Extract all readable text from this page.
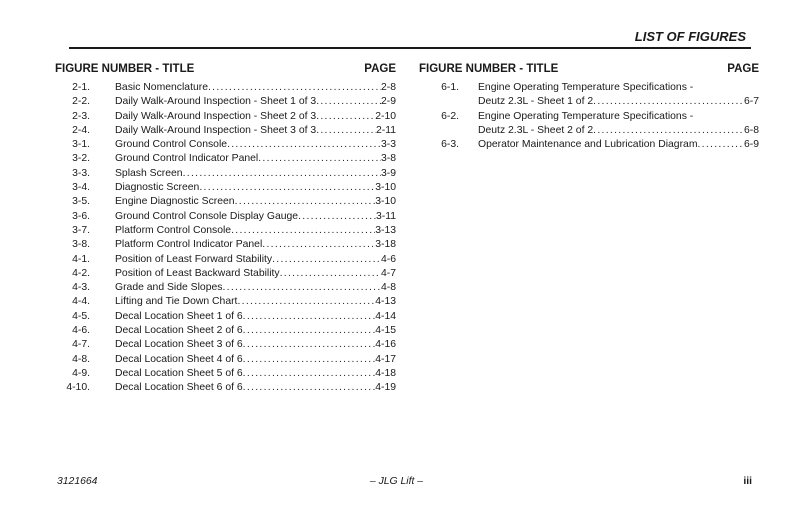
LIST OF FIGURES
FIGURE NUMBER - TITLE	PAGE
2-1. Basic Nomenclature .....	2-8
2-2. Daily Walk-Around Inspection - Sheet 1 of 3 .....	2-9
2-3. Daily Walk-Around Inspection - Sheet 2 of 3 .....	2-10
2-4. Daily Walk-Around Inspection - Sheet 3 of 3 .....	2-11
3-1. Ground Control Console .....	3-3
3-2. Ground Control Indicator Panel .....	3-8
3-3. Splash Screen .....	3-9
3-4. Diagnostic Screen .....	3-10
3-5. Engine Diagnostic Screen .....	3-10
3-6. Ground Control Console Display Gauge .....	3-11
3-7. Platform Control Console .....	3-13
3-8. Platform Control Indicator Panel .....	3-18
4-1. Position of Least Forward Stability .....	4-6
4-2. Position of Least Backward Stability .....	4-7
4-3. Grade and Side Slopes .....	4-8
4-4. Lifting and Tie Down Chart .....	4-13
4-5. Decal Location Sheet 1 of 6 .....	4-14
4-6. Decal Location Sheet 2 of 6 .....	4-15
4-7. Decal Location Sheet 3 of 6 .....	4-16
4-8. Decal Location Sheet 4 of 6 .....	4-17
4-9. Decal Location Sheet 5 of 6 .....	4-18
4-10. Decal Location Sheet 6 of 6 .....	4-19
FIGURE NUMBER - TITLE	PAGE
6-1. Engine Operating Temperature Specifications -
Deutz 2.3L - Sheet 1 of 2 .....	6-7
6-2. Engine Operating Temperature Specifications -
Deutz 2.3L - Sheet 2 of 2 .....	6-8
6-3. Operator Maintenance and Lubrication Diagram .....	6-9
3121664	– JLG Lift –	iii
